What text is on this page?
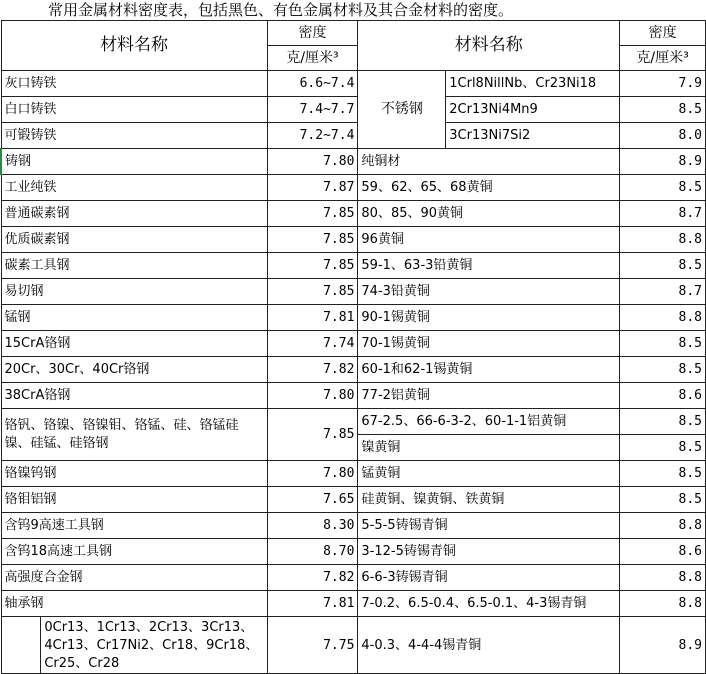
常用金属材料密度表，包括黑色、有色金属材料及其合金材料的密度。
材料名称		密度	材料名称		密度
		克/厘米³			克/厘米³
灰口铸铁		6.6~7.4	不锈钢	1Crl8NillNb、Cr23Ni18	7.9
白口铸铁		7.4~7.7		2Cr13Ni4Mn9	8.5
可锻铸铁		7.2~7.4		3Cr13Ni7Si2	8.0
铸钢		7.80	纯铜材		8.9
工业纯铁		7.87	59、62、65、68黄铜		8.5
普通碳素钢		7.85	80、85、90黄铜		8.7
优质碳素钢		7.85	96黄铜		8.8
碳素工具钢		7.85	59-1、63-3铅黄铜		8.5
易切钢		7.85	74-3铅黄铜		8.7
锰钢		7.81	90-1锡黄铜		8.8
15CrA铬钢		7.74	70-1锡黄铜		8.5
20Cr、30Cr、40Cr铬钢		7.82	60-1和62-1锡黄铜		8.5
38CrA铬钢		7.80	77-2铝黄铜		8.6
铬钒、铬镍、铬镍钼、铬锰、硅、铬锰硅镍、硅锰、硅铬钢		7.85	67-2.5、66-6-3-2、60-1-1铝黄铜		8.5
			镍黄铜		8.5
铬镍钨钢		7.80	锰黄铜		8.5
铬钼铝钢		7.65	硅黄铜、镍黄铜、铁黄铜		8.5
含钨9高速工具钢		8.30	5-5-5铸锡青铜		8.8
含钨18高速工具钢		8.70	3-12-5铸锡青铜		8.6
高强度合金钢		7.82	6-6-3铸锡青铜		8.8
轴承钢		7.81	7-0.2、6.5-0.4、6.5-0.1、4-3锡青铜		8.8
	0Cr13、1Cr13、2Cr13、3Cr13、4Cr13、Cr17Ni2、Cr18、9Cr18、Cr25、Cr28	7.75	4-0.3、4-4-4锡青铜		8.9
